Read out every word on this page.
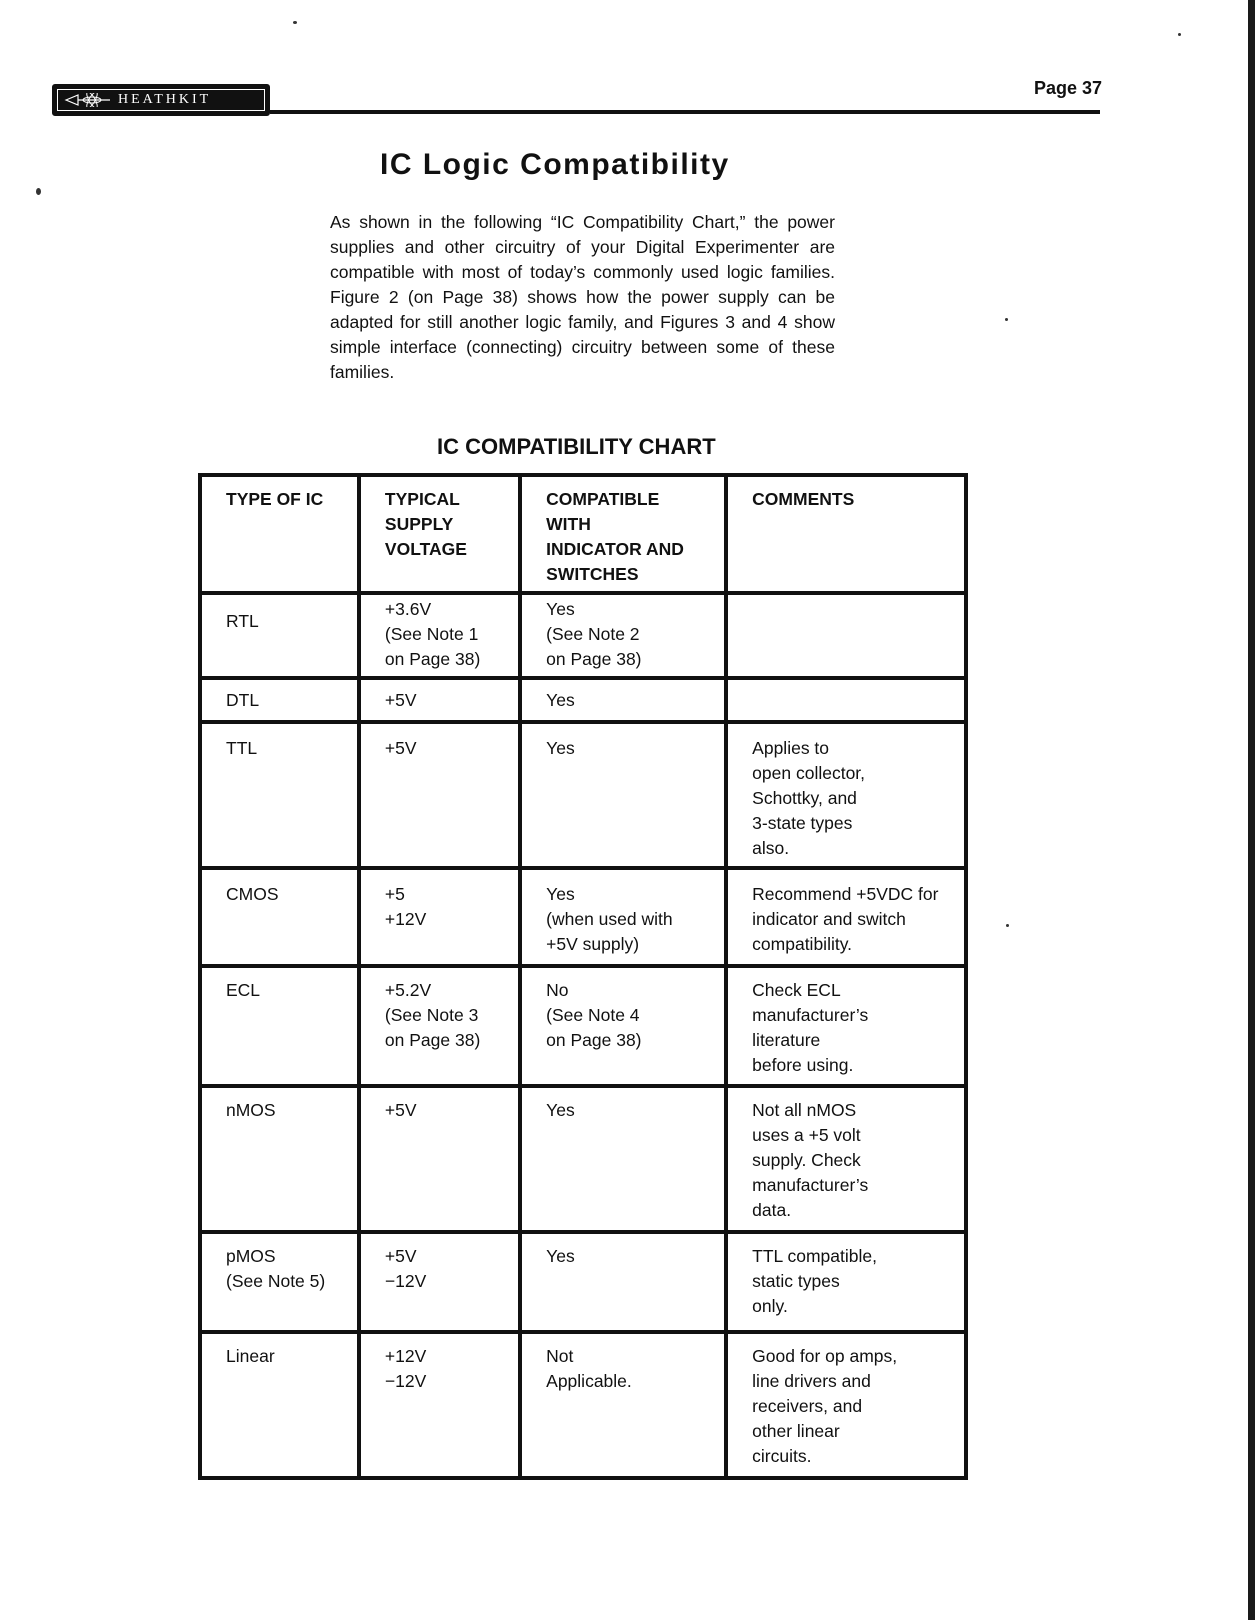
HEATHKIT
Page 37
IC Logic Compatibility

As shown in the following “IC Compatibility Chart,” the power supplies and other circuitry of your Digital Experimenter are compatible with most of today’s commonly used logic families. Figure 2 (on Page 38) shows how the power supply can be adapted for still another logic family, and Figures 3 and 4 show simple interface (connecting) circuitry between some of these families.

IC COMPATIBILITY CHART
TYPE OF IC	TYPICAL
SUPPLY
VOLTAGE	COMPATIBLE
WITH
INDICATOR AND
SWITCHES	COMMENTS
RTL	+3.6V
(See Note 1
on Page 38)	Yes
(See Note 2
on Page 38)	
DTL	+5V	Yes	
TTL	+5V	Yes	Applies to
open collector,
Schottky, and
3-state types
also.
CMOS	+5
+12V	Yes
(when used with
+5V supply)	Recommend +5VDC for
indicator and switch
compatibility.
ECL	+5.2V
(See Note 3
on Page 38)	No
(See Note 4
on Page 38)	Check ECL
manufacturer’s
literature
before using.
nMOS	+5V	Yes	Not all nMOS
uses a +5 volt
supply. Check
manufacturer’s
data.
pMOS
(See Note 5)	+5V
−12V	Yes	TTL compatible,
static types
only.
Linear	+12V
−12V	Not
Applicable.	Good for op amps,
line drivers and
receivers, and
other linear
circuits.
